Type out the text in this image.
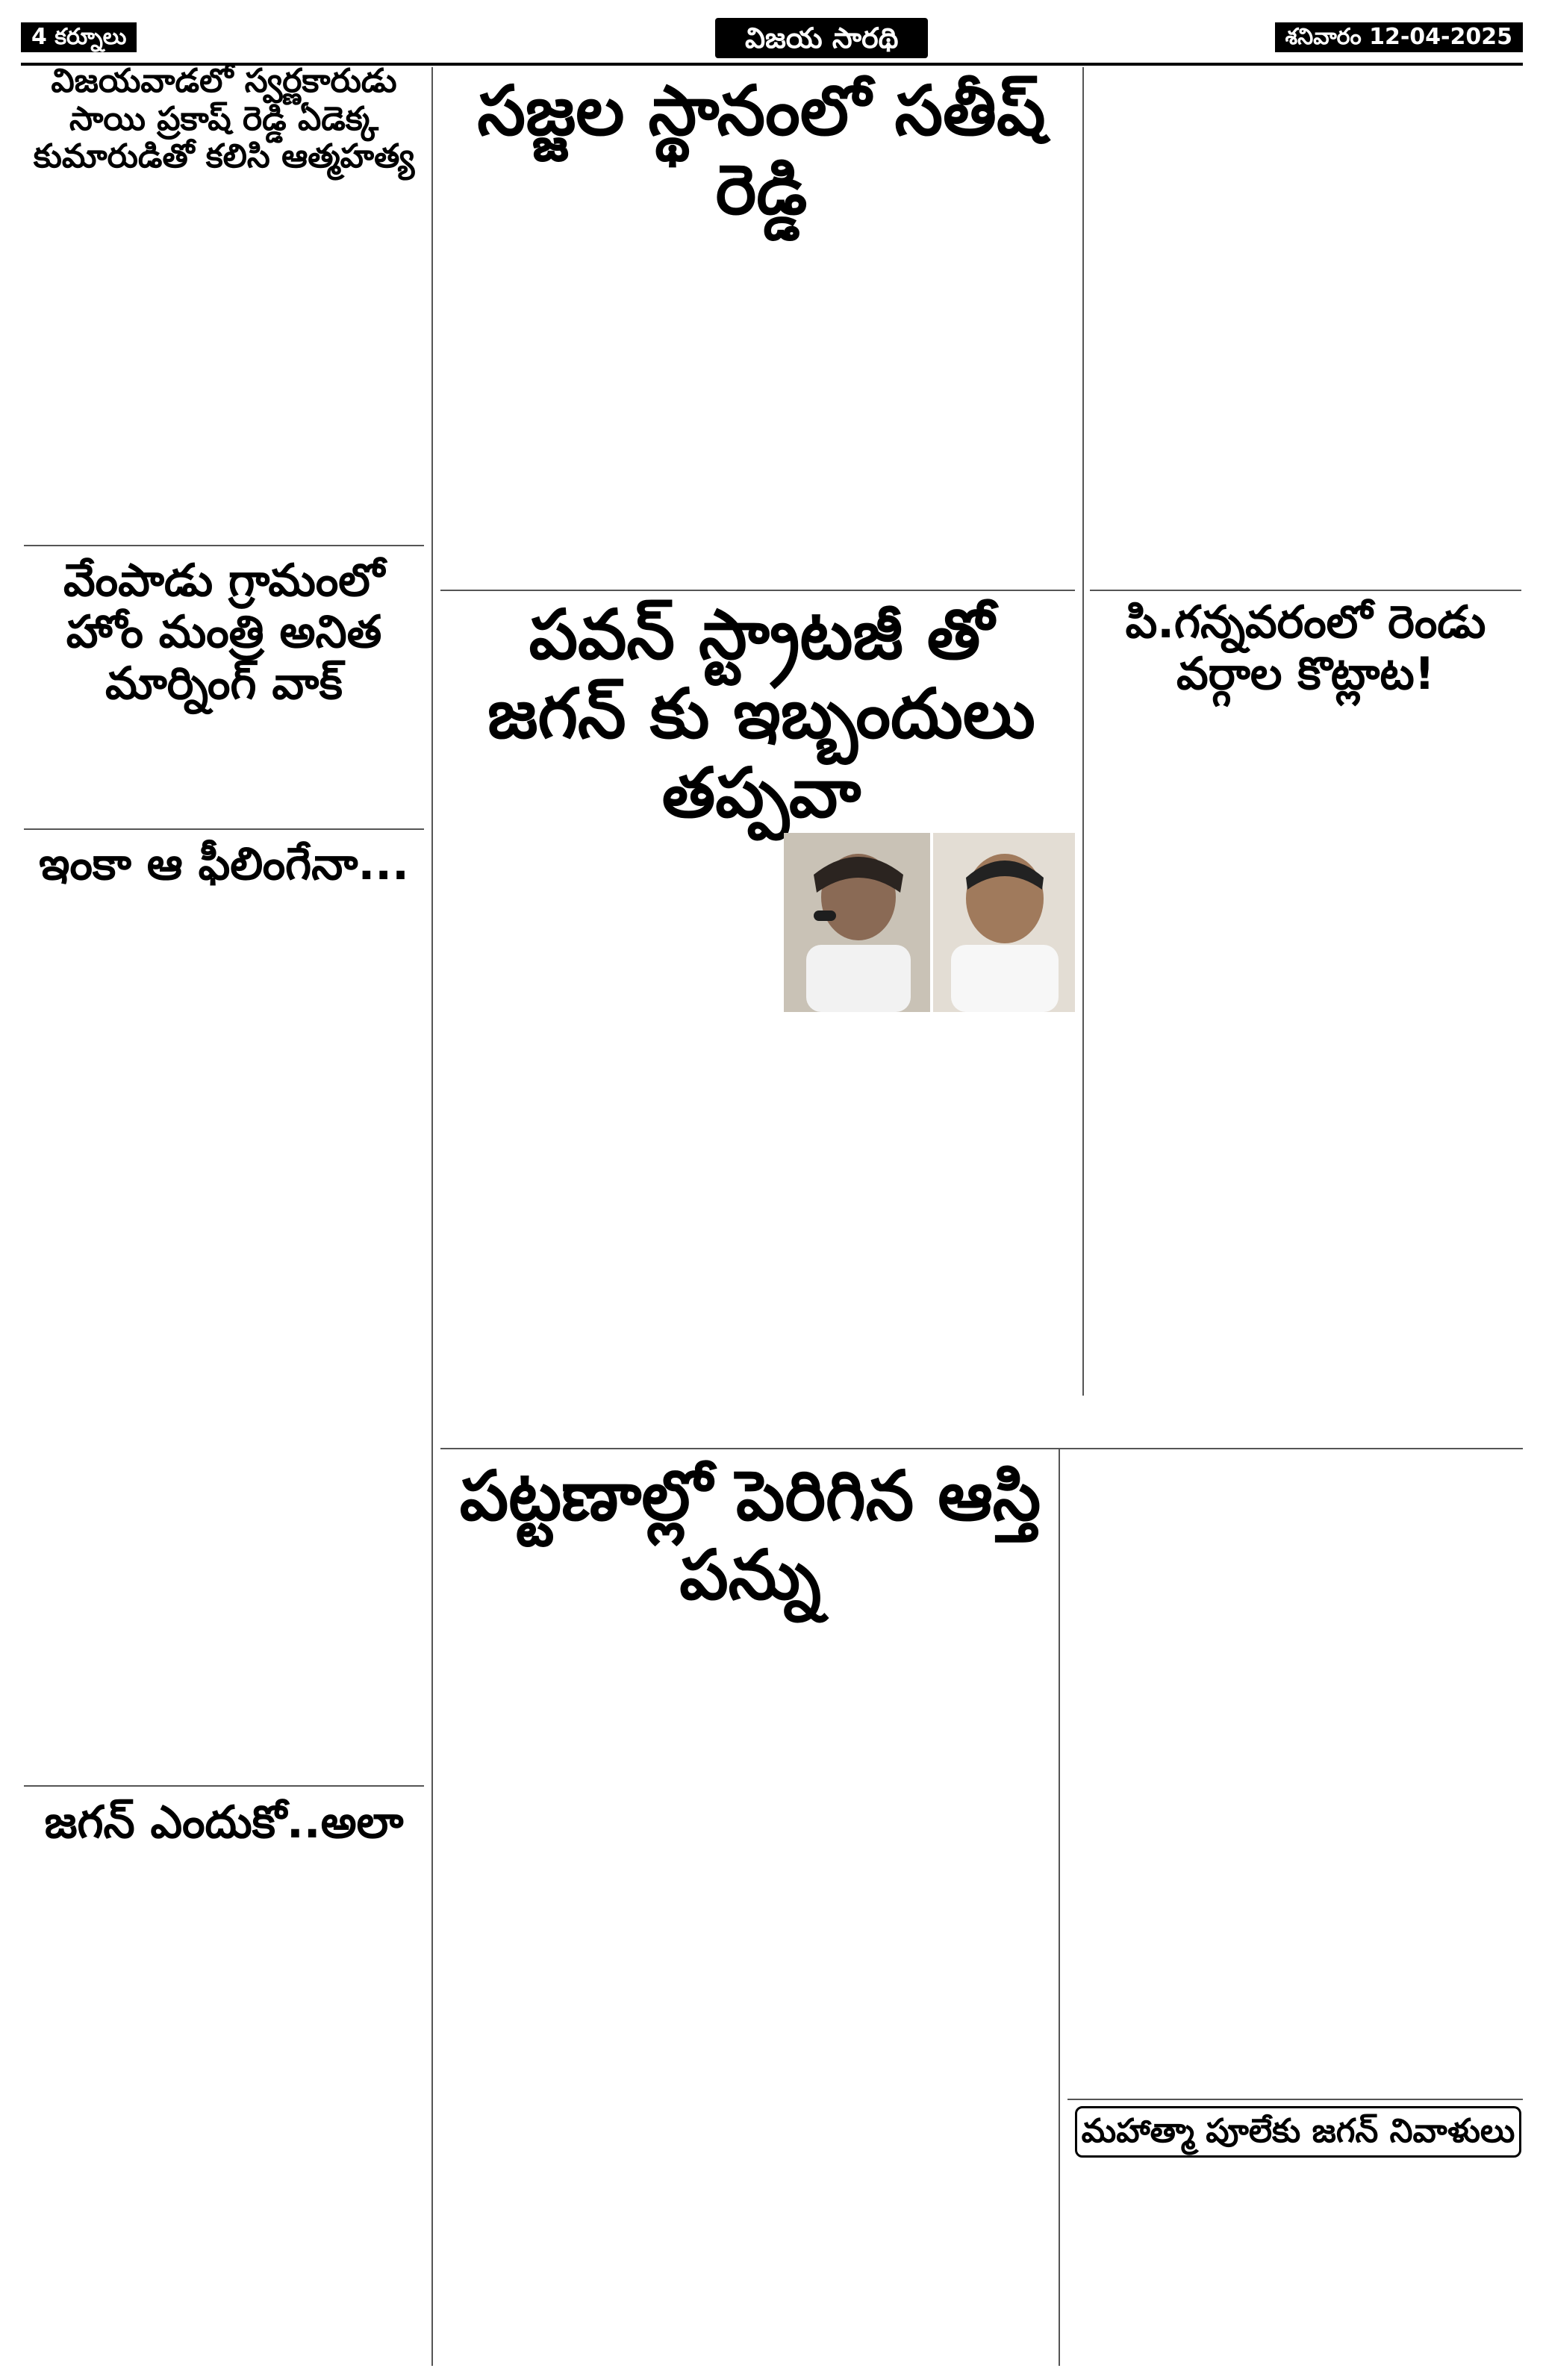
4 కర్నూలు	విజయ సారథి	శనివారం 12-04-2025
విజయవాడలో స్వర్ణకారుడు సాయి ప్రకాష్ రెడ్డి ఏడెక్క కుమారుడితో కలిసి ఆత్మహత్య
వేంపాడు గ్రామంలో హోం మంత్రి అనిత మార్నింగ్ వాక్
ఇంకా ఆ ఫీలింగేనా...
జగన్ ఎందుకో..అలా
సజ్జల స్థానంలో సతీష్ రెడ్డి
పి.గన్నవరంలో రెండు వర్గాల కొట్లాట!
పవన్ స్ట్రాటజీ తో జగన్ కు ఇబ్బందులు తప్పవా
పట్టణాల్లో పెరిగిన ఆస్తి పన్ను
మహాత్మా పూలేకు జగన్ నివాళులు
